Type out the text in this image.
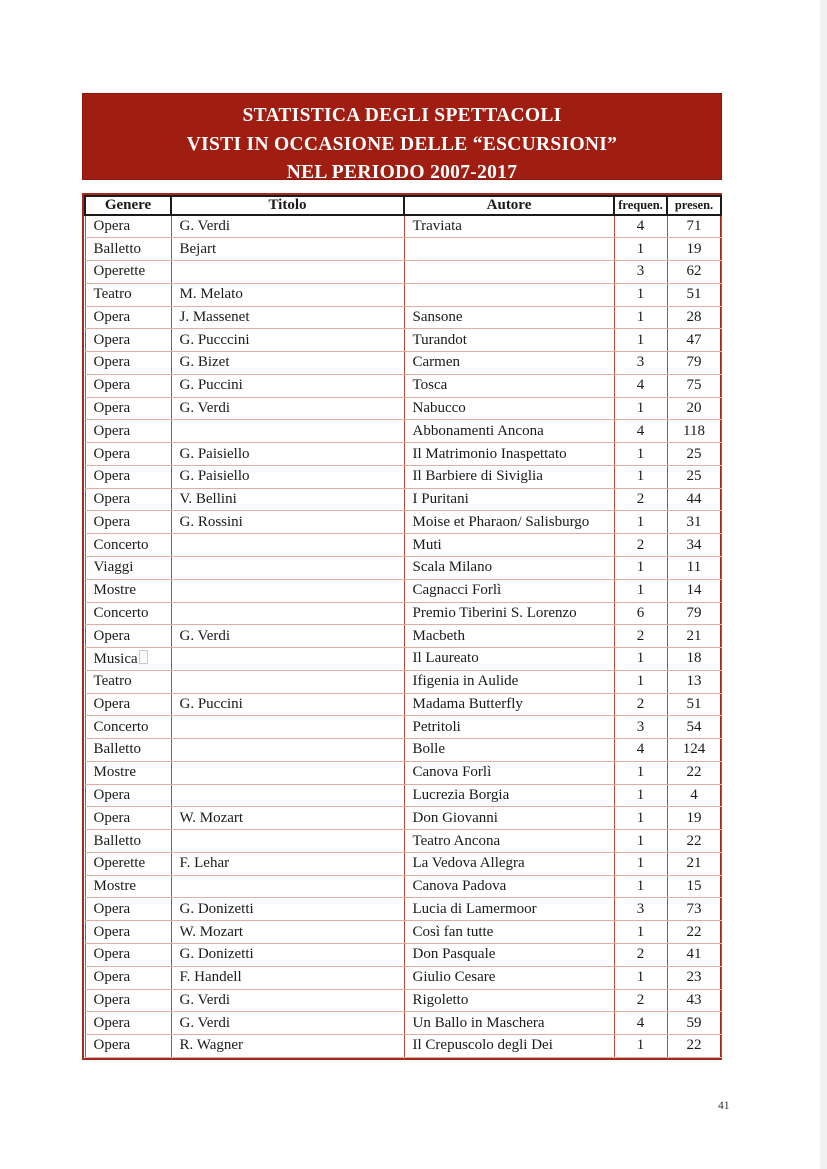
STATISTICA DEGLI SPETTACOLI
VISTI IN OCCASIONE DELLE “ESCURSIONI”
NEL PERIODO 2007-2017
Genere	Titolo	Autore	frequen.	presen.
Opera	G. Verdi	Traviata	4	71
Balletto	Bejart		1	19
Operette			3	62
Teatro	M. Melato		1	51
Opera	J. Massenet	Sansone	1	28
Opera	G. Pucccini	Turandot	1	47
Opera	G. Bizet	Carmen	3	79
Opera	G. Puccini	Tosca	4	75
Opera	G. Verdi	Nabucco	1	20
Opera		Abbonamenti Ancona	4	118
Opera	G. Paisiello	Il Matrimonio Inaspettato	1	25
Opera	G. Paisiello	Il Barbiere di Siviglia	1	25
Opera	V. Bellini	I Puritani	2	44
Opera	G. Rossini	Moise et Pharaon/ Salisburgo	1	31
Concerto		Muti	2	34
Viaggi		Scala Milano	1	11
Mostre		Cagnacci Forlì	1	14
Concerto		Premio Tiberini S. Lorenzo	6	79
Opera	G. Verdi	Macbeth	2	21
Musica		Il Laureato	1	18
Teatro		Ifigenia in Aulide	1	13
Opera	G. Puccini	Madama Butterfly	2	51
Concerto		Petritoli	3	54
Balletto		Bolle	4	124
Mostre		Canova Forlì	1	22
Opera		Lucrezia Borgia	1	4
Opera	W. Mozart	Don Giovanni	1	19
Balletto		Teatro Ancona	1	22
Operette	F. Lehar	La Vedova Allegra	1	21
Mostre		Canova Padova	1	15
Opera	G. Donizetti	Lucia di Lamermoor	3	73
Opera	W. Mozart	Così fan tutte	1	22
Opera	G. Donizetti	Don Pasquale	2	41
Opera	F. Handell	Giulio Cesare	1	23
Opera	G. Verdi	Rigoletto	2	43
Opera	G. Verdi	Un Ballo in Maschera	4	59
Opera	R. Wagner	Il Crepuscolo degli Dei	1	22
41
